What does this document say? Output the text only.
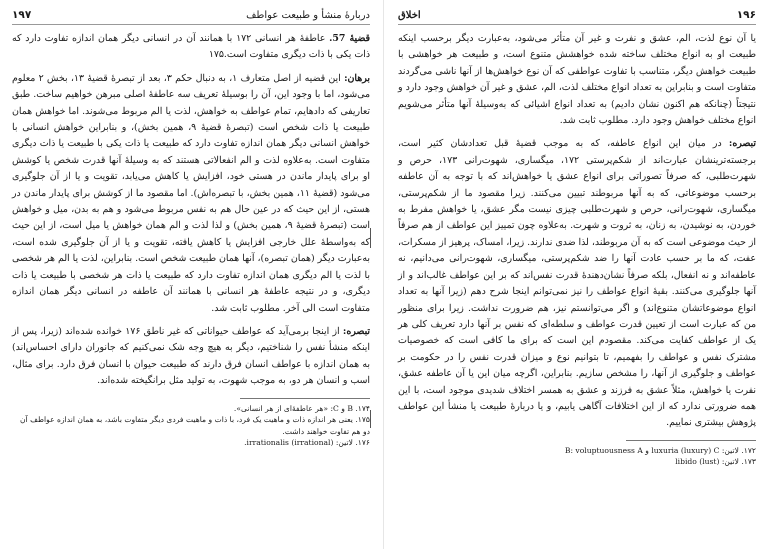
دربارهٔ منشأ و طبیعت عواطف
۱۹۷

قضیهٔ 57. عاطفهٔ هر انسانی ۱۷۲ با همانند آن در انسانی دیگر همان اندازه تفاوت دارد که ذات یکی با ذات دیگری متفاوت است.۱۷۵

برهان: این قضیه از اصل متعارف ۱، به دنبال حکم ۳، بعد از تبصرهٔ قضیهٔ ۱۳، بخش ۲ معلوم می‌شود، اما با وجود این، آن را بوسیلهٔ تعریف سه عاطفهٔ اصلی مبرهن خواهیم ساخت. طبق تعاریفی که دادهایم، تمام عواطف به خواهش، لذت یا الم مربوط می‌شوند. اما خواهش همان طبیعت یا ذات شخص است (تبصرهٔ قضیهٔ ۹، همین بخش)، و بنابراین خواهش انسانی با خواهش انسانی دیگر همان اندازه تفاوت دارد که طبیعت یا ذات یکی با طبیعت یا ذات دیگری متفاوت است. به‌علاوه لذت و الم انفعالاتی هستند که به وسیلهٔ آنها قدرت شخص یا کوشش او برای پایدار ماندن در هستی خود، افزایش یا کاهش می‌یابد، تقویت و یا از آن جلوگیری می‌شود (قضیهٔ ۱۱، همین بخش، با تبصره‌اش). اما مقصود ما از کوشش برای پایدار ماندن در هستی، از این حیث که در عین حال هم به نفس مربوط می‌شود و هم به بدن، میل و خواهش است (تبصرهٔ قضیهٔ ۹، همین بخش) و لذا لذت و الم همان خواهش یا میل است، از این حیث که به‌واسطهٔ علل خارجی افزایش یا کاهش یافته، تقویت و یا از آن جلوگیری شده است، به‌عبارت دیگر (همان تبصره)، آنها همان طبیعت شخص است. بنابراین، لذت یا الم هر شخصی با لذت یا الم دیگری همان اندازه تفاوت دارد که طبیعت یا ذات هر شخصی با طبیعت یا ذات دیگری، و در نتیجه عاطفهٔ هر انسانی با همانند آن عاطفه در انسانی دیگر همان اندازه متفاوت است الی آخر. مطلوب ثابت شد.

تبصره: از اینجا برمی‌آید که عواطف حیواناتی که غیر ناطق ۱۷۶ خوانده شده‌اند (زیرا، پس از اینکه منشأ نفس را شناختیم، دیگر به هیچ وجه شک نمی‌کنیم که جانوران دارای احساس‌اند) به همان اندازه با عواطف انسان فرق دارند که طبیعت حیوان با انسان فرق دارد. برای مثال، اسب و انسان هر دو، به موجب شهوت، به تولید مثل برانگیخته شده‌اند.

۱۷۴. B و C: «هر عاطفهٔ‌ای از هر انسانی».

۱۷۵. یعنی هر اندازه ذات و ماهیت یک فرد، با ذات و ماهیت فردی دیگر متفاوت باشد، به همان اندازه عواطف آن دو هم تفاوت خواهند داشت.

۱۷۶. لاتین: irrationalis (irrational).

۱۹۶
اخلاق

یا آن نوع لذت، الم، عشق و نفرت و غیر آن متأثر می‌شود، به‌عبارت دیگر برحسب اینکه طبیعت او به انواع مختلف ساخته شده خواهشش متنوع است، و طبیعت هر خواهشی با طبیعت خواهش دیگر، متناسب با تفاوت عواطفی که آن نوع خواهش‌ها از آنها ناشی می‌گردند متفاوت است و بنابراین به تعداد انواع مختلف لذت، الم، عشق و غیر آن خواهش وجود دارد و نتیجتاً (چنانکه هم اکنون نشان دادیم) به تعداد انواع اشیائی که به‌وسیلهٔ آنها متأثر می‌شویم انواع مختلف خواهش وجود دارد. مطلوب ثابت شد.

تبصره: در میان این انواع عاطفه، که به موجب قضیهٔ قبل تعدادشان کثیر است، برجسته‌ترینشان عبارت‌اند از شکم‌پرستی ۱۷۲، میگساری، شهوت‌رانی ۱۷۳، حرص و شهرت‌طلبی، که صرفاً تصوراتی برای انواع عشق یا خواهش‌اند که با توجه به آن عاطفه برحسب موضوعاتی، که به آنها مربوطند تبیین می‌کنند. زیرا مقصود ما از شکم‌پرستی، میگساری، شهوت‌رانی، حرص و شهرت‌طلبی چیزی نیست مگر عشق، یا خواهش مفرط به خوردن، به نوشیدن، به زنان، به ثروت و شهرت. به‌علاوه چون تمییز این عواطف از هم صرفاً از حیث موضوعی است که به آن مربوطند، لذا ضدی ندارند. زیرا، امساک، پرهیز از مسکرات، عفت، که ما بر حسب عادت آنها را ضد شکم‌پرستی، میگساری، شهوت‌رانی می‌دانیم، نه عاطفه‌اند و نه انفعال، بلکه صرفاً نشان‌دهندهٔ قدرت نفس‌اند که بر این عواطف غالب‌اند و از آنها جلوگیری می‌کنند. بقیهٔ انواع عواطف را نیز نمی‌توانم اینجا شرح دهم (زیرا آنها به تعداد انواع موضوعاتشان متنوع‌اند) و اگر می‌توانستم نیز، هم ضرورت نداشت. زیرا برای منظور من که عبارت است از تعیین قدرت عواطف و سلطه‌ای که نفس بر آنها دارد تعریف کلی هر یک از عواطف کفایت می‌کند. مقصودم این است که برای ما کافی است که خصوصیات مشترک نفس و عواطف را بفهمیم، تا بتوانیم نوع و میزان قدرت نفس را در حکومت بر عواطف و جلوگیری از آنها، را مشخص سازیم. بنابراین، اگرچه میان این یا آن عاطفه عشق، نفرت یا خواهش، مثلاً عشق به فرزند و عشق به همسر اختلاف شدیدی موجود است، با این همه ضرورتی ندارد که از این اختلافات آگاهی یابیم، و یا دربارهٔ طبیعت یا منشأ این عواطف پژوهش بیشتری نماییم.

۱۷۲. لاتین: luxuria (luxury) C و B: voluptuousness A

۱۷۳. لاتین: libido (lust)
